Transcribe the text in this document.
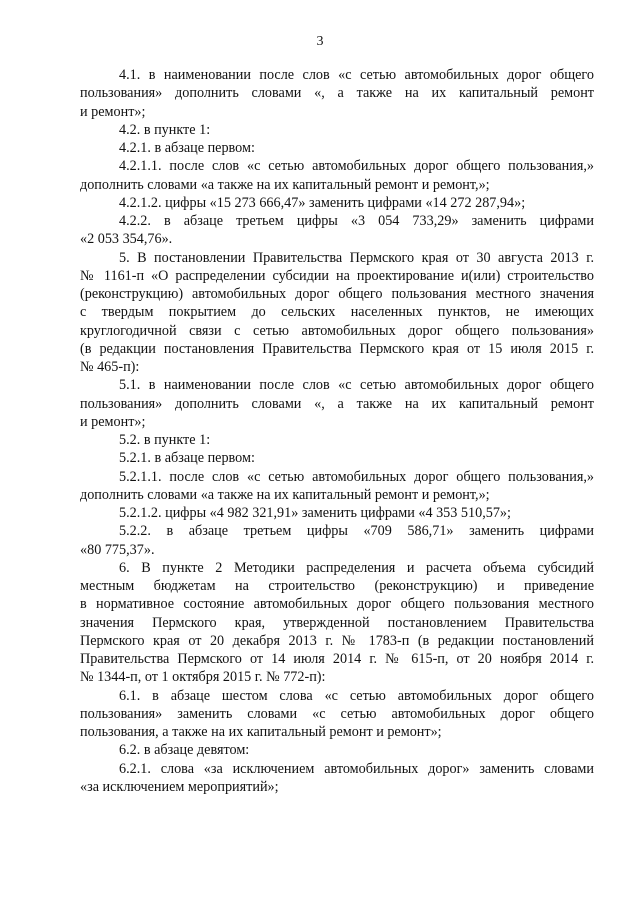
3
4.1. в наименовании после слов «с сетью автомобильных дорог общего
пользования» дополнить словами «, а также на их капитальный ремонт
и ремонт»;
4.2. в пункте 1:
4.2.1. в абзаце первом:
4.2.1.1. после слов «с сетью автомобильных дорог общего пользования,»
дополнить словами «а также на их капитальный ремонт и ремонт,»;
4.2.1.2. цифры «15 273 666,47» заменить цифрами «14 272 287,94»;
4.2.2. в абзаце третьем цифры «3 054 733,29» заменить цифрами
«2 053 354,76».
5. В постановлении Правительства Пермского края от 30 августа 2013 г.
№ 1161-п «О распределении субсидии на проектирование и(или) строительство
(реконструкцию) автомобильных дорог общего пользования местного значения
с твердым покрытием до сельских населенных пунктов, не имеющих
круглогодичной связи с сетью автомобильных дорог общего пользования»
(в редакции постановления Правительства Пермского края от 15 июля 2015 г.
№ 465-п):
5.1. в наименовании после слов «с сетью автомобильных дорог общего
пользования» дополнить словами «, а также на их капитальный ремонт
и ремонт»;
5.2. в пункте 1:
5.2.1. в абзаце первом:
5.2.1.1. после слов «с сетью автомобильных дорог общего пользования,»
дополнить словами «а также на их капитальный ремонт и ремонт,»;
5.2.1.2. цифры «4 982 321,91» заменить цифрами «4 353 510,57»;
5.2.2. в абзаце третьем цифры «709 586,71» заменить цифрами
«80 775,37».
6. В пункте 2 Методики распределения и расчета объема субсидий
местным бюджетам на строительство (реконструкцию) и приведение
в нормативное состояние автомобильных дорог общего пользования местного
значения Пермского края, утвержденной постановлением Правительства
Пермского края от 20 декабря 2013 г. № 1783-п (в редакции постановлений
Правительства Пермского от 14 июля 2014 г. № 615-п, от 20 ноября 2014 г.
№ 1344-п, от 1 октября 2015 г. № 772-п):
6.1. в абзаце шестом слова «с сетью автомобильных дорог общего
пользования» заменить словами «с сетью автомобильных дорог общего
пользования, а также на их капитальный ремонт и ремонт»;
6.2. в абзаце девятом:
6.2.1. слова «за исключением автомобильных дорог» заменить словами
«за исключением мероприятий»;
